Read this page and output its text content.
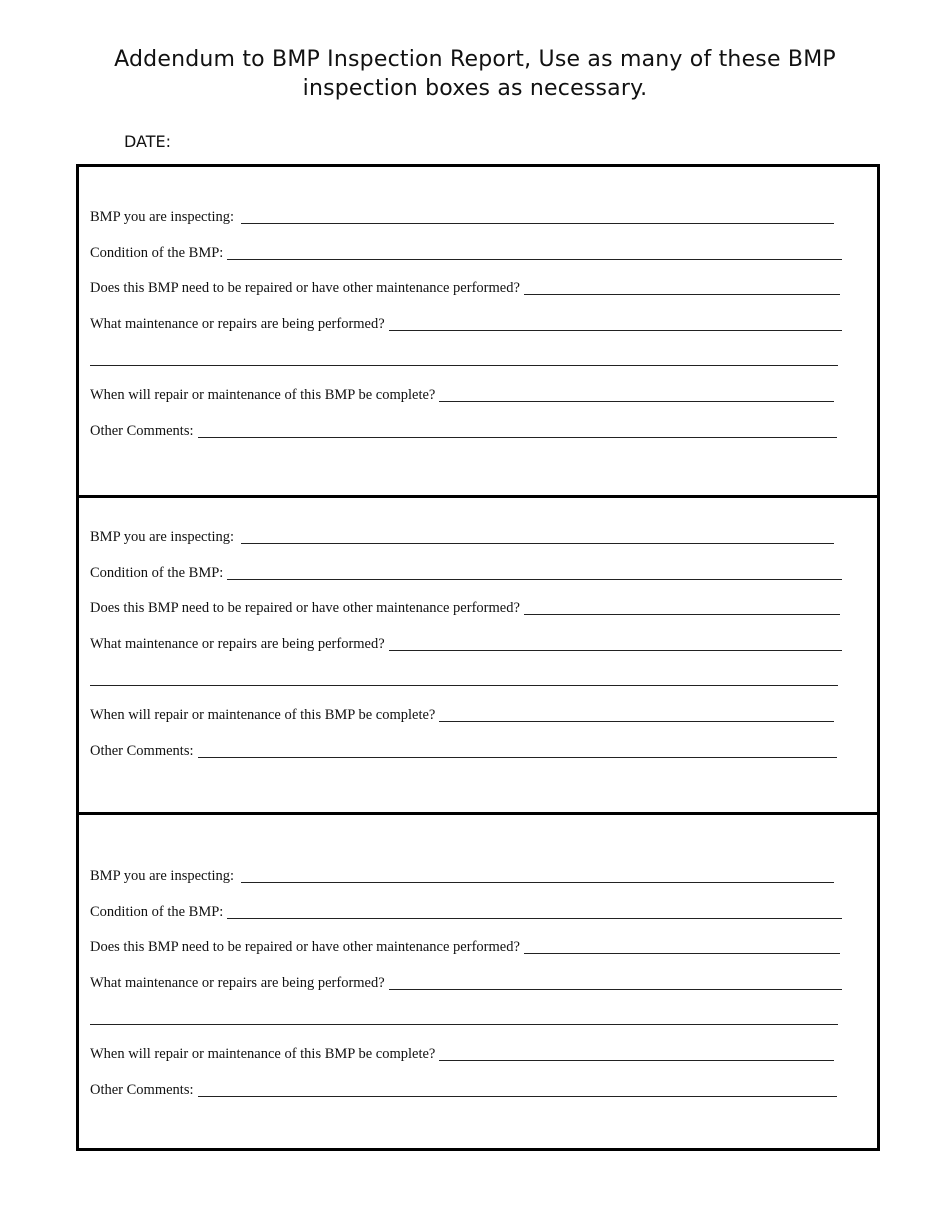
Addendum to BMP Inspection Report, Use as many of these BMP
inspection boxes as necessary.
DATE:
BMP you are inspecting:
Condition of the BMP:
Does this BMP need to be repaired or have other maintenance performed?
What maintenance or repairs are being performed?
When will repair or maintenance of this BMP be complete?
Other Comments:
BMP you are inspecting:
Condition of the BMP:
Does this BMP need to be repaired or have other maintenance performed?
What maintenance or repairs are being performed?
When will repair or maintenance of this BMP be complete?
Other Comments:
BMP you are inspecting:
Condition of the BMP:
Does this BMP need to be repaired or have other maintenance performed?
What maintenance or repairs are being performed?
When will repair or maintenance of this BMP be complete?
Other Comments:
